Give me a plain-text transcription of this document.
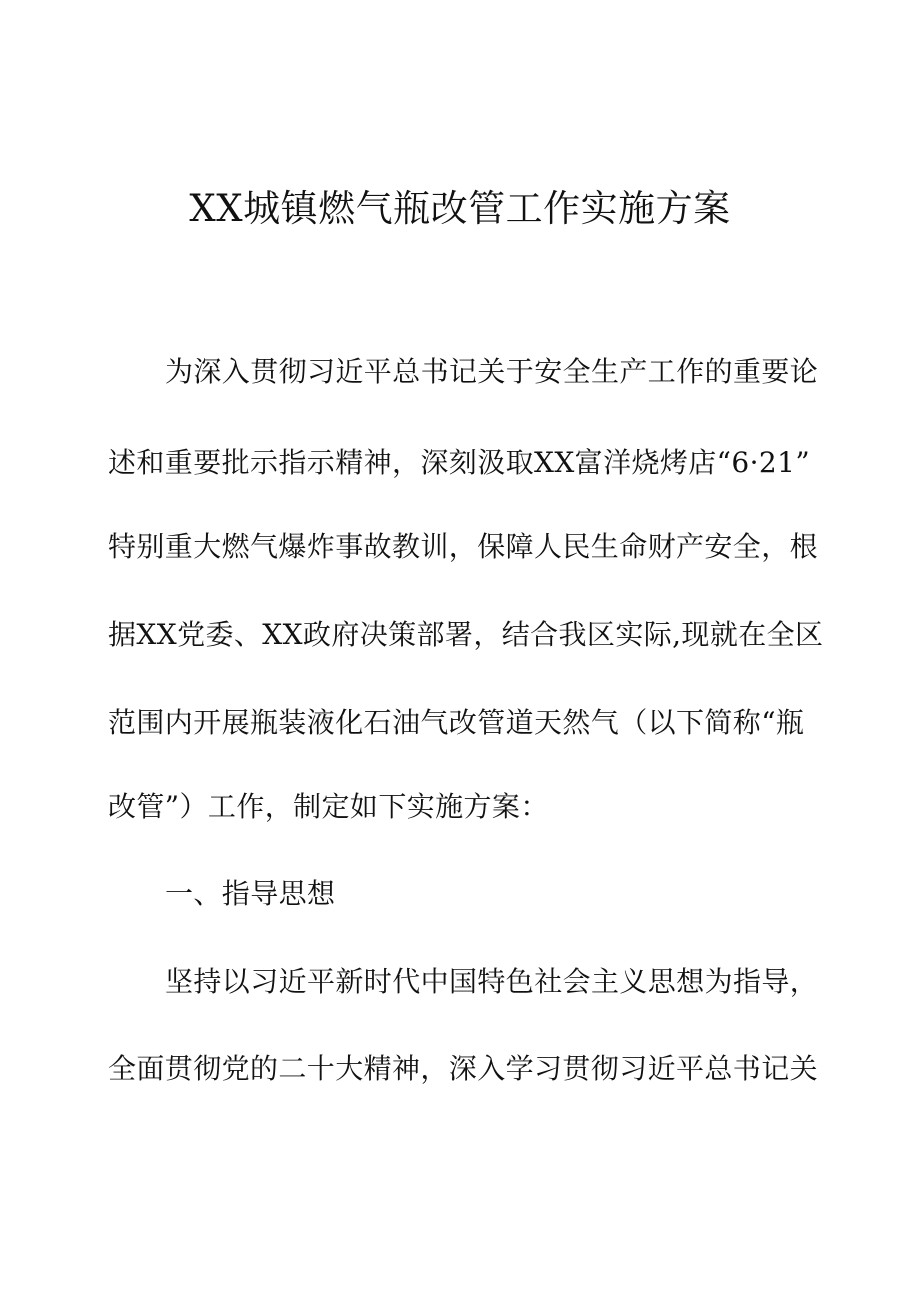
XX城镇燃气瓶改管工作实施方案
为深入贯彻习近平总书记关于安全生产工作的重要论
述和重要批示指示精神，深刻汲取XX富洋烧烤店“6·21”
特别重大燃气爆炸事故教训，保障人民生命财产安全，根
据XX党委、XX政府决策部署，结合我区实际,现就在全区
范围内开展瓶装液化石油气改管道天然气（以下简称“瓶
改管”）工作，制定如下实施方案：
一、指导思想
坚持以习近平新时代中国特色社会主义思想为指导，
全面贯彻党的二十大精神，深入学习贯彻习近平总书记关
